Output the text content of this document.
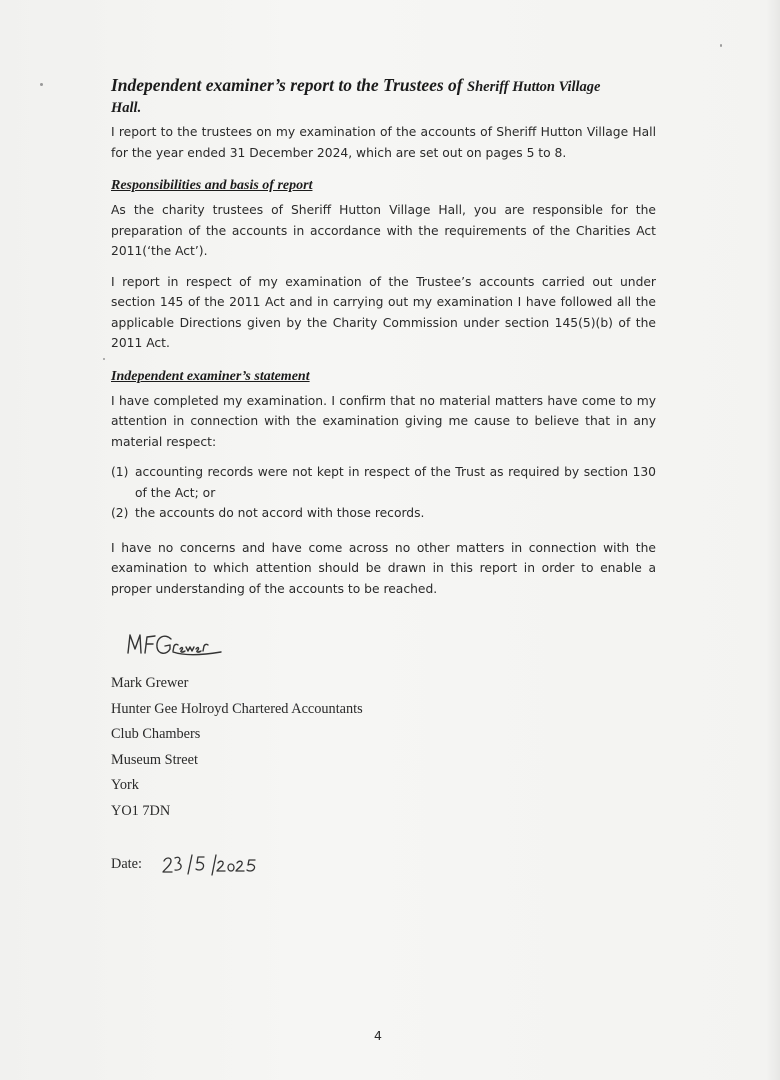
Independent examiner’s report to the Trustees of Sheriff Hutton Village
Hall.

I report to the trustees on my examination of the accounts of Sheriff Hutton Village Hall for the year ended 31 December 2024, which are set out on pages 5 to 8.

Responsibilities and basis of report

As the charity trustees of Sheriff Hutton Village Hall, you are responsible for the preparation of the accounts in accordance with the requirements of the Charities Act 2011(‘the Act’).

I report in respect of my examination of the Trustee’s accounts carried out under section 145 of the 2011 Act and in carrying out my examination I have followed all the applicable Directions given by the Charity Commission under section 145(5)(b) of the 2011 Act.

Independent examiner’s statement

I have completed my examination. I confirm that no material matters have come to my attention in connection with the examination giving me cause to believe that in any material respect:

(1) accounting records were not kept in respect of the Trust as required by section 130 of the Act; or
(2) the accounts do not accord with those records.

I have no concerns and have come across no other matters in connection with the examination to which attention should be drawn in this report in order to enable a proper understanding of the accounts to be reached.

Mark Grewer

Hunter Gee Holroyd Chartered Accountants

Club Chambers

Museum Street

York

YO1 7DN

Date:
4
